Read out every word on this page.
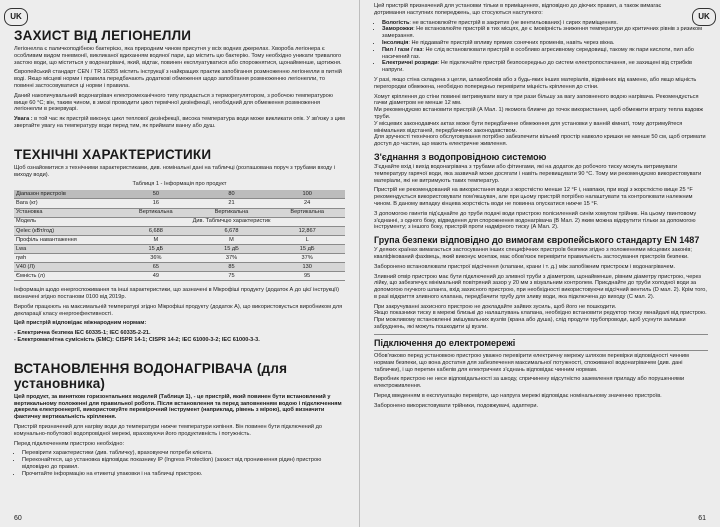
UK
ЗАХИСТ ВІД ЛЕГІОНЕЛЛИ

Легіонелла є паличкоподібною бактерією, яка природним чином присутня у всіх водних джерелах. Хвороба легіонера є особливим видом пневмонії, викликаної вдиханням водяної пари, що містить цю бактерію. Тому необхідно уникати тривалого застою води, що міститься у водонагрівачі, який, відтак, повинен експлуатуватися або спорожнятися, щонайменше, щотижня.

Європейський стандарт CEN / TR 16355 містить інструкції з найкращих практик запобігання розмноженню легіонелли в питній воді. Якщо місцеві норми і правила передбачають додаткові обмеження щодо запобігання розмноженню легіонелли, то повинні застосовуватися ці норми і правила.

Даний накопичувальний водонагрівач електромеханічного типу продається з терморегулятором, з робочою температурою вище 60 °C; він, таким чином, в змозі проводити цикл термічної дезінфекції, необхідний для обмеження розмноження легіонелли в резервуарі.

Увага : в той час як пристрій виконує цикл теплової дезінфекції, висока температура води може викликати опік. У зв'язку з цим звертайте увагу на температуру води перед тим, як приймати ванну або душ.

ТЕХНІЧНІ ХАРАКТЕРИСТИКИ

Щоб ознайомитися з технічними характеристиками, див. номінальні дані на табличці (розташована поруч з трубами входу і виходу води).

Таблиця 1 - Інформація про продукт
Діапазон пристроїв	50	80	100
Вага (кг)	16	21	24
Установка	Вертикальна	Вертикальна	Вертикальна
Модель	Див. Табличцю характеристик		
Qelec (кВт/год)	6,688	6,678	12,867
Профіль навантаження	M	M	L
Lwa	15 дБ	15 дБ	15 дБ
ηwh	36%	37%	37%
V40 (Л)	65	85	130
Ємність (л)	49	75	95

Інформація щодо енергоспоживання та інші характеристики, що зазначені в Мікрофіші продукту (додаток А до цієї інструкції) визначені згідно постанови 0100 від 2019р.

Вироби працюють на максимальній температурі згідно Мікрофіші продукту (додаток А), що використовується виробником для декларації класу енергоефективності.

Цей пристрій відповідає міжнародним нормам:

- Електрична безпека IEC 60335-1; IEC 60335-2-21.

- Електромагнітна сумісність (EMC): CISPR 14-1; CISPR 14-2; IEC 61000-3-2; IEC 61000-3-3.

ВСТАНОВЛЕННЯ ВОДОНАГРІВАЧА (для установника)

Цей продукт, за винятком горизонтальних моделей (Таблиця 1), - це пристрій, який повинен бути встановлений у вертикальному положенні для правильної роботи. Після встановлення та перед заповненням водою і підключенням джерела електроенергії, використовуйте перевірочний інструмент (наприклад, рівень з мірою), щоб визначити фактичну вертикальність кріплення.

Пристрій призначений для нагріву води до температури нижче температури кипіння. Він повинен бути підключений до комунально-побутової водопровідної мережі, враховуючи його продуктивність і потужність.

Перед підключенням пристрою необхідно:

• Перевірити характеристики (див. табличку), враховуючи потреби клієнта.
• Переконайтеся, що установка відповідає показнику IP (Ingress Protection) (захист від проникнення рідин) пристрою відповідно до правил.
• Прочитайте інформацію на етикетці упаковки і на табличці пристрою.
60
UK

Цей пристрій призначений для установки тільки в приміщеннях, відповідно до діючих правил, а також вимагає дотримання наступних попереджень, що стосуються наступного:

• Вологість: не встановлюйте пристрій в закритих (не вентильованих) і сирих приміщеннях.
• Заморожки: Не встановлюйте пристрій в тих місцях, де є імовірність зниження температури до критичних рівнів з ризиком замерзання.
• Інсоляція: Не піддавайте пристрій впливу прямих сонячних променів, навіть через вікна.
• Пил / гази / газ: Не слід встановлювати пристрій в особливо агресивному середовищі, такому як пари кислоти, пил або насичений газ.
• Електричні розряди: Не підключайте пристрій безпосередньо до систем електропостачання, не захищені від стрибків напруги.

У разі, якщо стіна складена з цегли, шлакоблоків або з будь-яких інших матеріалів, відмінних від каменю, або якщо міцність перегородки обмежена, необхідно попередньо перевірити міцність кріплення до стіни.

Хомут кріплення до стіни повинні витримувати вагу в три рази більшу за вагу заповненого водою нагрівача. Рекомендується гачки діаметром не менше 12 мм.

Ми рекомендуємо встановити пристрій (А Мал. 1) якомога ближче до точок використання, щоб обмежити втрату тепла вздовж труби.

У місцевих законодавчих актах може бути передбачене обмеження для установки у ванній кімнаті, тому дотримуйтеся мінімальних відстаней, передбачених законодавством.

Для зручності технічного обслуговування потрібно забезпечити вільний простір навколо кришки не менше 50 см, щоб отримати доступ до частин, що мають електричне живлення.

З'єднання з водопровідною системою

З'єднайте вхід і вихід водонагрівача з трубами або фітингами, які на додаток до робочого тиску можуть витримувати температуру гарячої води, яка зазвичай може досягати і навіть перевищувати 90 °C. Тому ми рекомендуємо використовувати матеріали, які не витримують таких температур.

Пристрій не рекомендований на використання води з жорсткістю менше 12 °F і, навпаки, при воді з жорсткістю вище 25 °F рекомендується використовувати пом'якшувач, але при цьому пристрій потрібно налаштувати та контролювати належним чином. В даному випадку кінцева жорсткість води не повинна опускатися нижче 15 °F.

З допомогою гвинтів під'єднайте до труби подачі води пристрою полісиленний синім хомутом трійник. На цьому гвинтовому з'єднанні, з одного боку, відведення для спорожнення водонагрівача (В Мал. 2) яким можна відкрутити тільки за допомогою інструменту; з іншого боку, пристрій проти надмірного тиску (А Мал. 2).

Група безпеки відповідно до вимогам європейського стандарту EN 1487

У деяких країнах вимагається застосування інших специфічних пристроїв безпеки згідно з положеннями місцевих законів; кваліфікований фахівець, який виконує монтаж, має обов'язок перевірити правильність застосування пристроїв безпеки.

Заборонено встановлювати пристрої відсічення (клапани, крани і т. д.) між запобіжним пристроєм і водонагрівачем.

Зливний отвір пристрою має бути підключений до зливної труби з діаметром, щонайменше, рівним діаметру пристрою, через лійку, що забезпечує мінімальний повітряний зазор у 20 мм з візуальним контролем. Приєднайте до труби холодної води за допомогою гнучкого шланга, вхід захисного пристрою, при необхідності використовуючи відсічний вентиль (D мал. 2). Крім того, в разі відкриття зливного клапана, передбачити трубу для зливу води, яка підключена до виходу (С мал. 2).

При закручуванні захисного пристрою не докладайте зайвих зусиль, щоб його не пошкодити.

Якщо показники тиску в мережі близькі до налаштувань клапана, необхідно встановити редуктор тиску якнайдалі від пристрою. При можливому встановленні змішувальних вузлів (крана або душа), слід продути трубопроводи, щоб усунути залишки забруднень, які можуть пошкодити ці вузли.

Підключення до електромережі

Обов'язково перед установкою пристрою уважно перевірити електричну мережу шляхом перевірки відповідності чинним нормам безпеки, що вона достатня для забезпечення максимальної потужності, споживаної водонагрівачем (див. дані таблички), і що перетин кабелів для електричних з'єднань відповідає чинним нормам.

Виробник пристрою не несе відповідальності за шкоду, спричинену відсутністю заземлення приладу або порушеннями електроживлення.

Перед введенням в експлуатацію перевірте, що напруга мережі відповідає номінальному значенню пристроїв.

Заборонено використовувати трійники, подовжувачі, адаптери.

61
